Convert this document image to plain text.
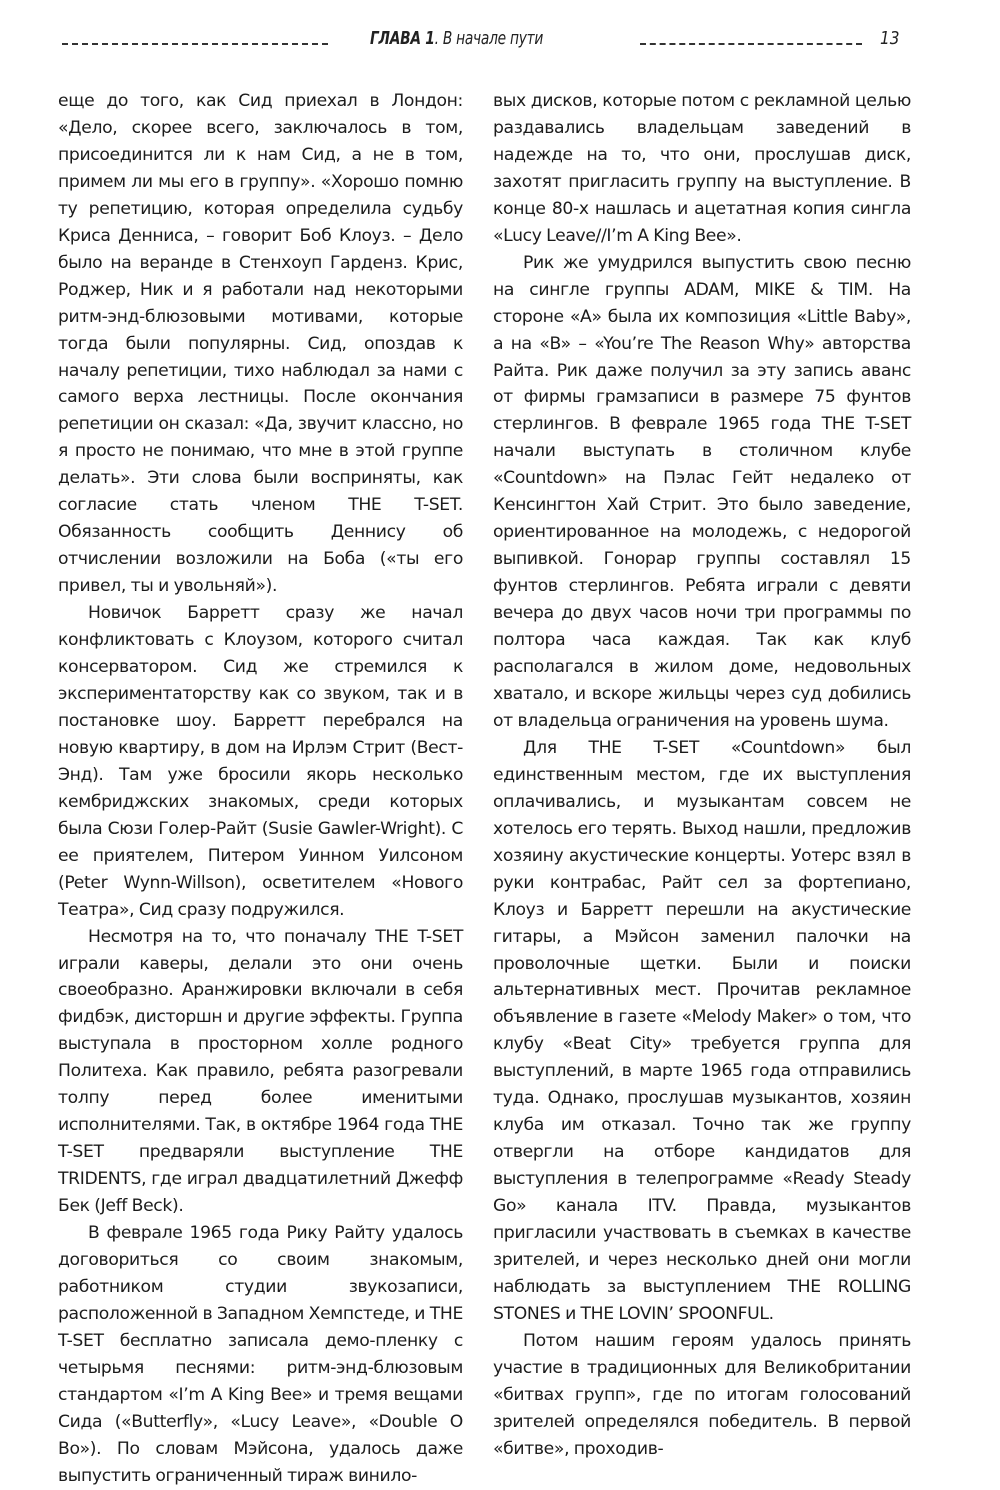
ГЛАВА 1. В начале пути	13

еще до того, как Сид приехал в Лондон: «Дело, скорее всего, заключалось в том, присоединится ли к нам Сид, а не в том, примем ли мы его в группу». «Хорошо помню ту репетицию, которая определила судьбу Криса Денниса, – говорит Боб Клоуз. – Дело было на веранде в Стенхоуп Гарденз. Крис, Роджер, Ник и я работали над некоторыми ритм-энд-блюзовыми мотивами, которые тогда были популярны. Сид, опоздав к началу репетиции, тихо наблюдал за нами с самого верха лестницы. После окончания репетиции он сказал: «Да, звучит классно, но я просто не понимаю, что мне в этой группе делать». Эти слова были восприняты, как согласие стать членом THE T-SET. Обязанность сообщить Деннису об отчислении возложили на Боба («ты его привел, ты и увольняй»).

Новичок Барретт сразу же начал конфликтовать с Клоузом, которого считал консерватором. Сид же стремился к экспериментаторству как со звуком, так и в постановке шоу. Барретт перебрался на новую квартиру, в дом на Ирлэм Стрит (Вест-Энд). Там уже бросили якорь несколько кембриджских знакомых, среди которых была Сюзи Голер-Райт (Susie Gawler-Wright). С ее приятелем, Питером Уинном Уилсоном (Peter Wynn-Willson), осветителем «Нового Театра», Сид сразу подружился.

Несмотря на то, что поначалу THE T-SET играли каверы, делали это они очень своеобразно. Аранжировки включали в себя фидбэк, дисторшн и другие эффекты. Группа выступала в просторном холле родного Политеха. Как правило, ребята разогревали толпу перед более именитыми исполнителями. Так, в октябре 1964 года THE T-SET предваряли выступление THE TRIDENTS, где играл двадцатилетний Джефф Бек (Jeff Beck).

В феврале 1965 года Рику Райту удалось договориться со своим знакомым, работником студии звукозаписи, расположенной в Западном Хемпстеде, и THE T-SET бесплатно записала демо-пленку с четырьмя песнями: ритм-энд-блюзовым стандартом «I’m A King Bee» и тремя вещами Сида («Butterfly», «Lucy Leave», «Double O Bo»). По словам Мэйсона, удалось даже выпустить ограниченный тираж винило-

вых дисков, которые потом с рекламной целью раздавались владельцам заведений в надежде на то, что они, прослушав диск, захотят пригласить группу на выступление. В конце 80-х нашлась и ацетатная копия сингла «Lucy Leave//I’m A King Bee».

Рик же умудрился выпустить свою песню на сингле группы ADAM, MIKE & TIM. На стороне «А» была их композиция «Little Baby», а на «B» – «You’re The Reason Why» авторства Райта. Рик даже получил за эту запись аванс от фирмы грамзаписи в размере 75 фунтов стерлингов. В феврале 1965 года THE T-SET начали выступать в столичном клубе «Countdown» на Пэлас Гейт недалеко от Кенсингтон Хай Стрит. Это было заведение, ориентированное на молодежь, с недорогой выпивкой. Гонорар группы составлял 15 фунтов стерлингов. Ребята играли с девяти вечера до двух часов ночи три программы по полтора часа каждая. Так как клуб располагался в жилом доме, недовольных хватало, и вскоре жильцы через суд добились от владельца ограничения на уровень шума.

Для THE T-SET «Countdown» был единственным местом, где их выступления оплачивались, и музыкантам совсем не хотелось его терять. Выход нашли, предложив хозяину акустические концерты. Уотерс взял в руки контрабас, Райт сел за фортепиано, Клоуз и Барретт перешли на акустические гитары, а Мэйсон заменил палочки на проволочные щетки. Были и поиски альтернативных мест. Прочитав рекламное объявление в газете «Melody Maker» о том, что клубу «Beat City» требуется группа для выступлений, в марте 1965 года отправились туда. Однако, прослушав музыкантов, хозяин клуба им отказал. Точно так же группу отвергли на отборе кандидатов для выступления в телепрограмме «Ready Steady Go» канала ITV. Правда, музыкантов пригласили участвовать в съемках в качестве зрителей, и через несколько дней они могли наблюдать за выступлением THE ROLLING STONES и THE LOVIN’ SPOONFUL.

Потом нашим героям удалось принять участие в традиционных для Великобритании «битвах групп», где по итогам голосований зрителей определялся победитель. В первой «битве», проходив-
